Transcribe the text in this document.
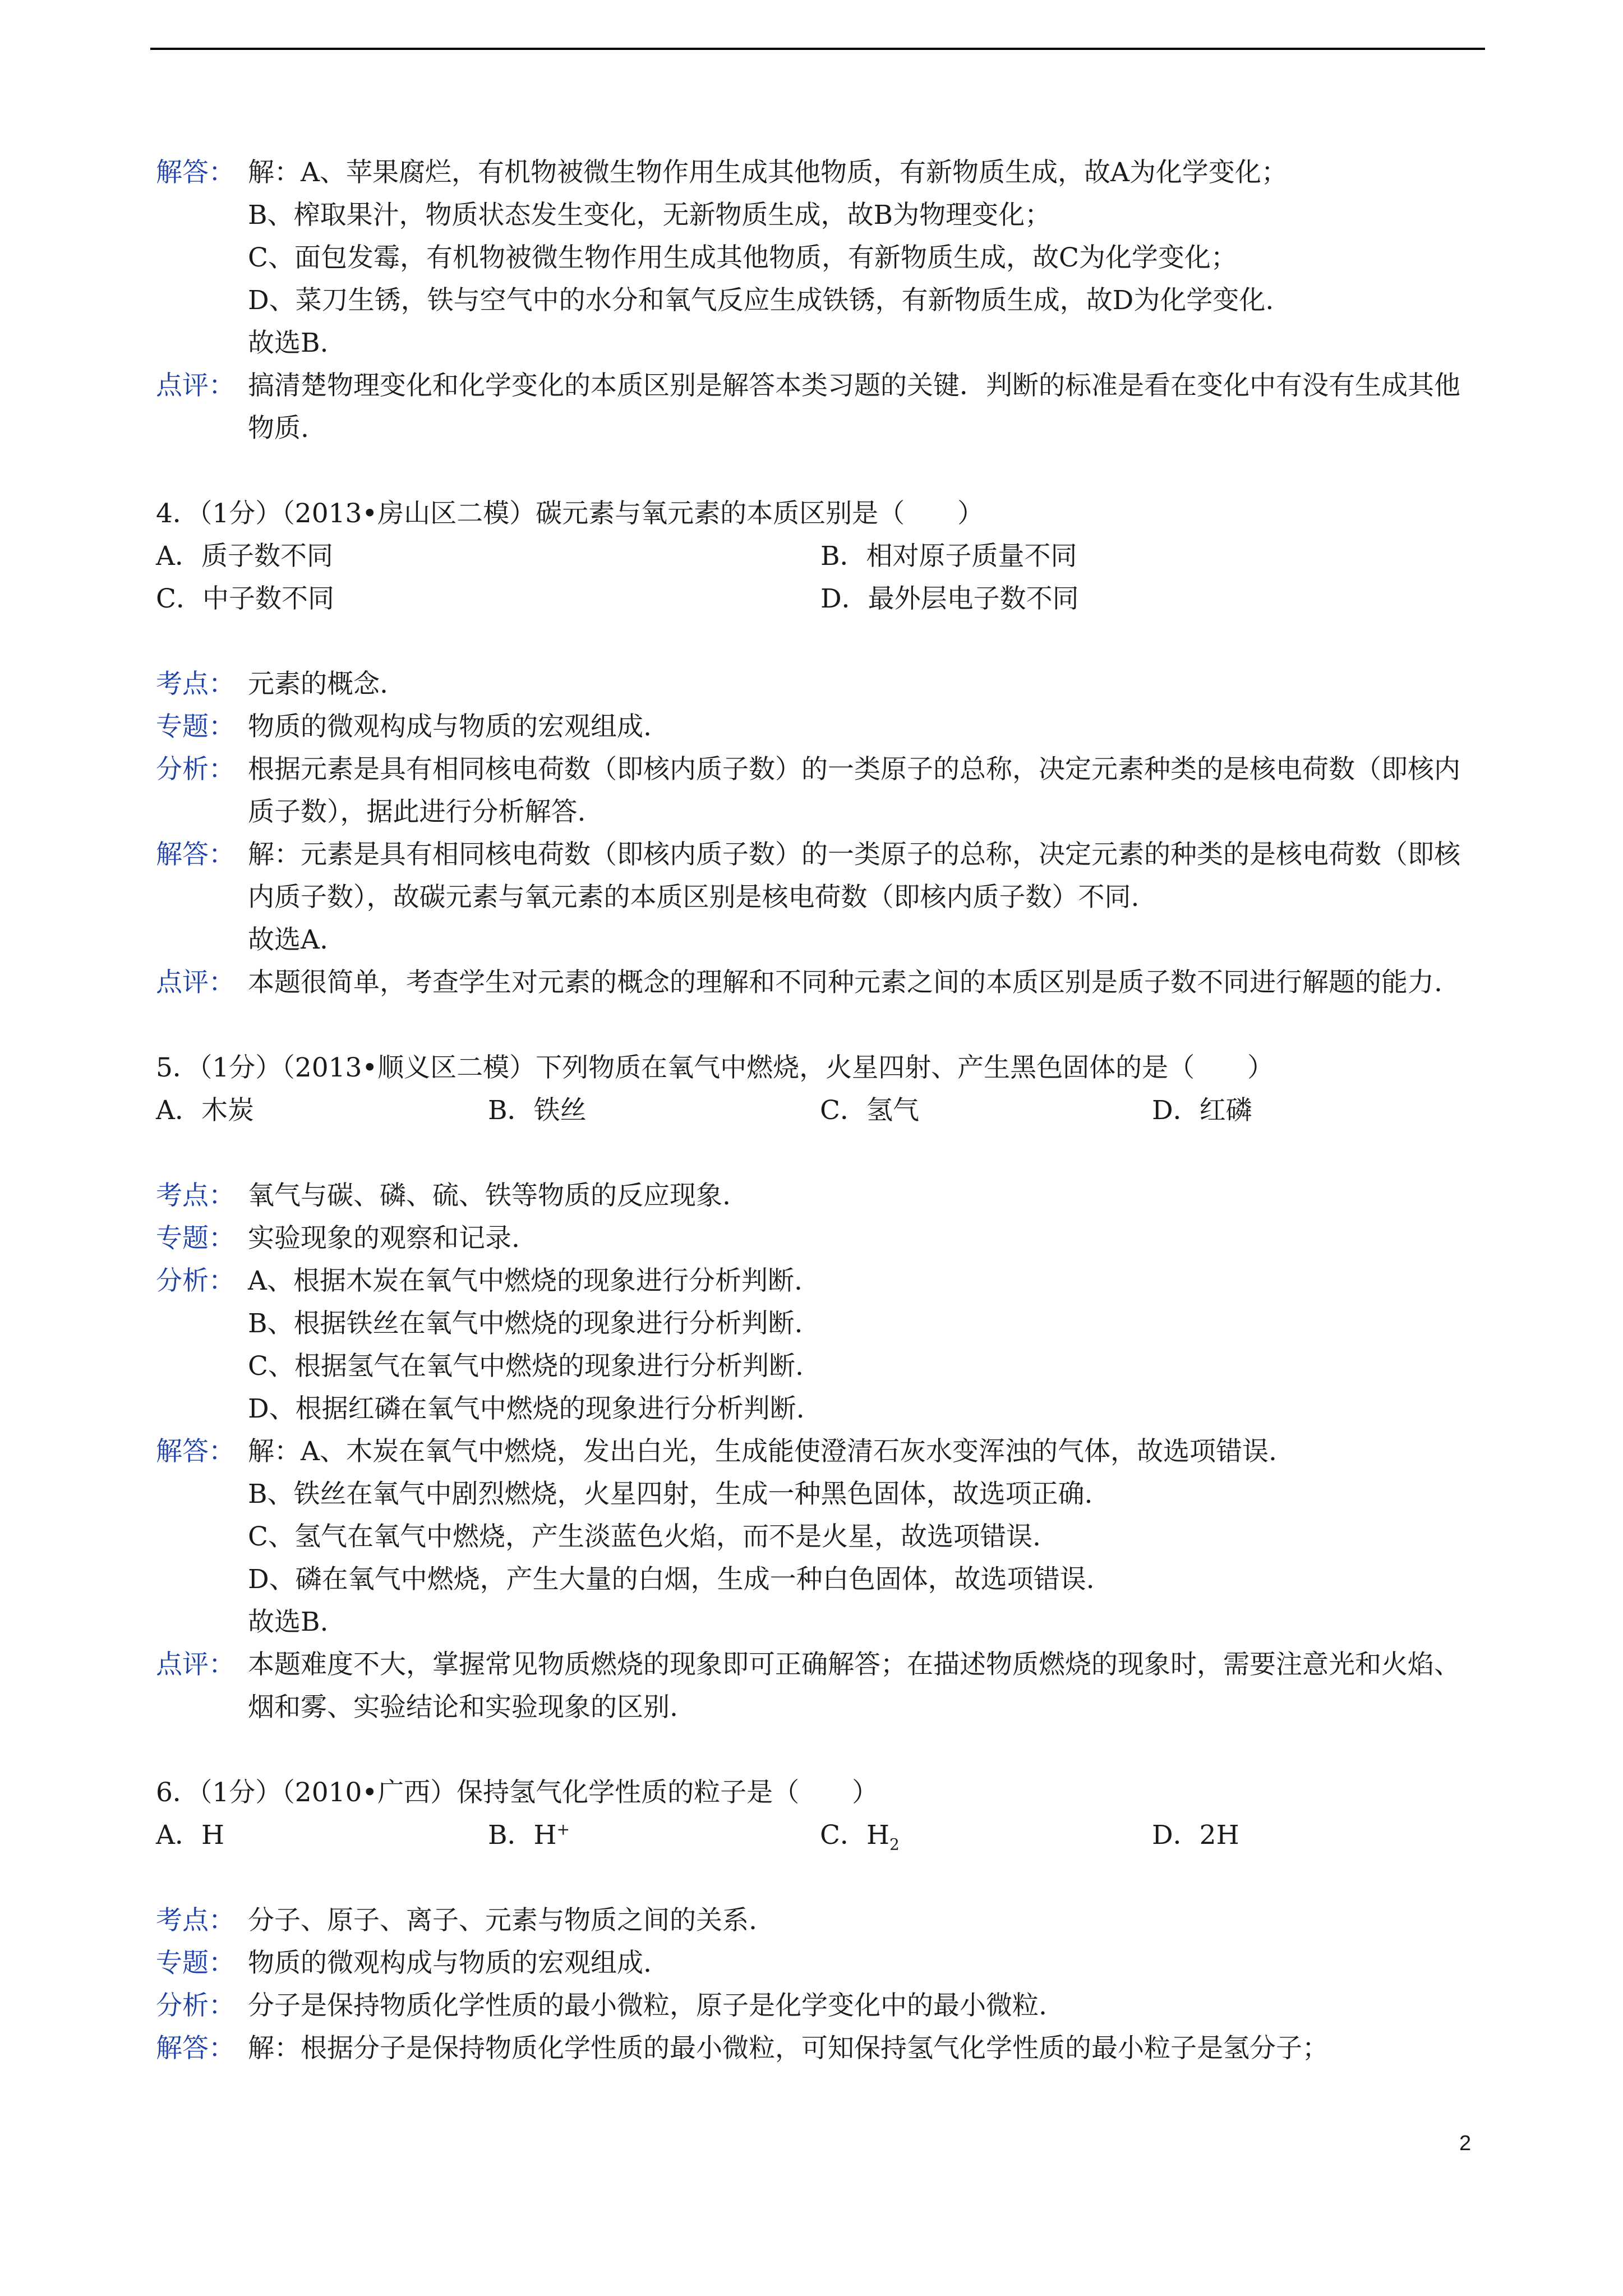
解答： 解：A、苹果腐烂，有机物被微生物作用生成其他物质，有新物质生成，故A为化学变化；
B、榨取果汁，物质状态发生变化，无新物质生成，故B为物理变化；
C、面包发霉，有机物被微生物作用生成其他物质，有新物质生成，故C为化学变化；
D、菜刀生锈，铁与空气中的水分和氧气反应生成铁锈，有新物质生成，故D为化学变化.
故选B.
点评： 搞清楚物理变化和化学变化的本质区别是解答本类习题的关键．判断的标准是看在变化中有没有生成其他物质.
4．（1分）（2013•房山区二模）碳元素与氧元素的本质区别是（　　）
A．质子数不同	B．相对原子质量不同
C．中子数不同	D．最外层电子数不同
考点： 元素的概念.
专题： 物质的微观构成与物质的宏观组成.
分析： 根据元素是具有相同核电荷数（即核内质子数）的一类原子的总称，决定元素种类的是核电荷数（即核内质子数），据此进行分析解答.
解答： 解：元素是具有相同核电荷数（即核内质子数）的一类原子的总称，决定元素的种类的是核电荷数（即核内质子数），故碳元素与氧元素的本质区别是核电荷数（即核内质子数）不同.
故选A.
点评： 本题很简单，考查学生对元素的概念的理解和不同种元素之间的本质区别是质子数不同进行解题的能力.
5．（1分）（2013•顺义区二模）下列物质在氧气中燃烧，火星四射、产生黑色固体的是（　　）
A．木炭	B．铁丝	C．氢气	D．红磷
考点： 氧气与碳、磷、硫、铁等物质的反应现象.
专题： 实验现象的观察和记录.
分析： A、根据木炭在氧气中燃烧的现象进行分析判断.
B、根据铁丝在氧气中燃烧的现象进行分析判断.
C、根据氢气在氧气中燃烧的现象进行分析判断.
D、根据红磷在氧气中燃烧的现象进行分析判断.
解答： 解：A、木炭在氧气中燃烧，发出白光，生成能使澄清石灰水变浑浊的气体，故选项错误.
B、铁丝在氧气中剧烈燃烧，火星四射，生成一种黑色固体，故选项正确.
C、氢气在氧气中燃烧，产生淡蓝色火焰，而不是火星，故选项错误.
D、磷在氧气中燃烧，产生大量的白烟，生成一种白色固体，故选项错误.
故选B.
点评： 本题难度不大，掌握常见物质燃烧的现象即可正确解答；在描述物质燃烧的现象时，需要注意光和火焰、烟和雾、实验结论和实验现象的区别.
6．（1分）（2010•广西）保持氢气化学性质的粒子是（　　）
A．H	B．H+	C．$H_2$	D．2H
考点： 分子、原子、离子、元素与物质之间的关系.
专题： 物质的微观构成与物质的宏观组成.
分析： 分子是保持物质化学性质的最小微粒，原子是化学变化中的最小微粒.
解答： 解：根据分子是保持物质化学性质的最小微粒，可知保持氢气化学性质的最小粒子是氢分子；
2
